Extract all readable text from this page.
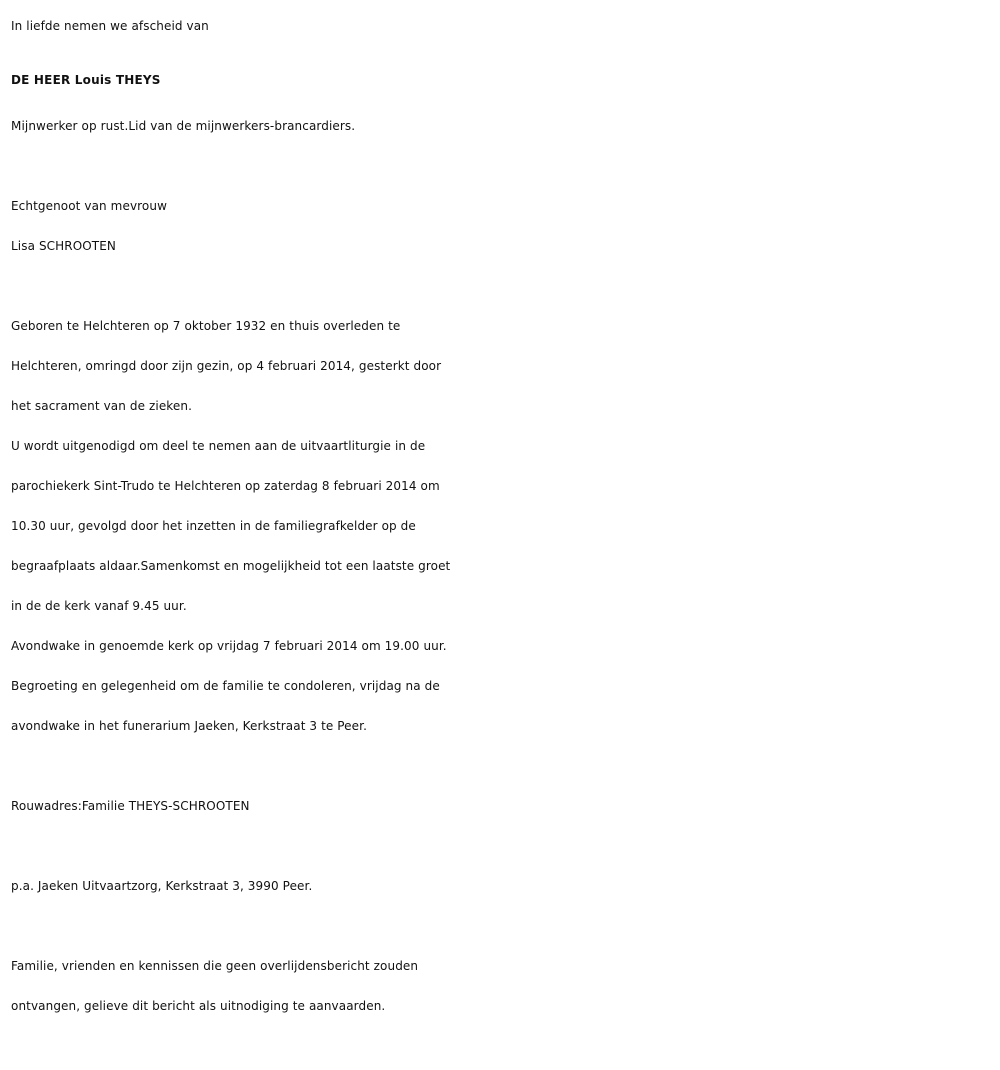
In liefde nemen we afscheid van
DE HEER Louis THEYS
Mijnwerker op rust.Lid van de mijnwerkers-brancardiers.
Echtgenoot van mevrouw
Lisa SCHROOTEN
Geboren te Helchteren op 7 oktober 1932 en thuis overleden te
Helchteren, omringd door zijn gezin, op 4 februari 2014, gesterkt door
het sacrament van de zieken.
U wordt uitgenodigd om deel te nemen aan de uitvaartliturgie in de
parochiekerk Sint-Trudo te Helchteren op zaterdag 8 februari 2014 om
10.30 uur, gevolgd door het inzetten in de familiegrafkelder op de
begraafplaats aldaar.Samenkomst en mogelijkheid tot een laatste groet
in de de kerk vanaf 9.45 uur.
Avondwake in genoemde kerk op vrijdag 7 februari 2014 om 19.00 uur.
Begroeting en gelegenheid om de familie te condoleren, vrijdag na de
avondwake in het funerarium Jaeken, Kerkstraat 3 te Peer.
Rouwadres:Familie THEYS-SCHROOTEN
p.a. Jaeken Uitvaartzorg, Kerkstraat 3, 3990 Peer.
Familie, vrienden en kennissen die geen overlijdensbericht zouden
ontvangen, gelieve dit bericht als uitnodiging te aanvaarden.
